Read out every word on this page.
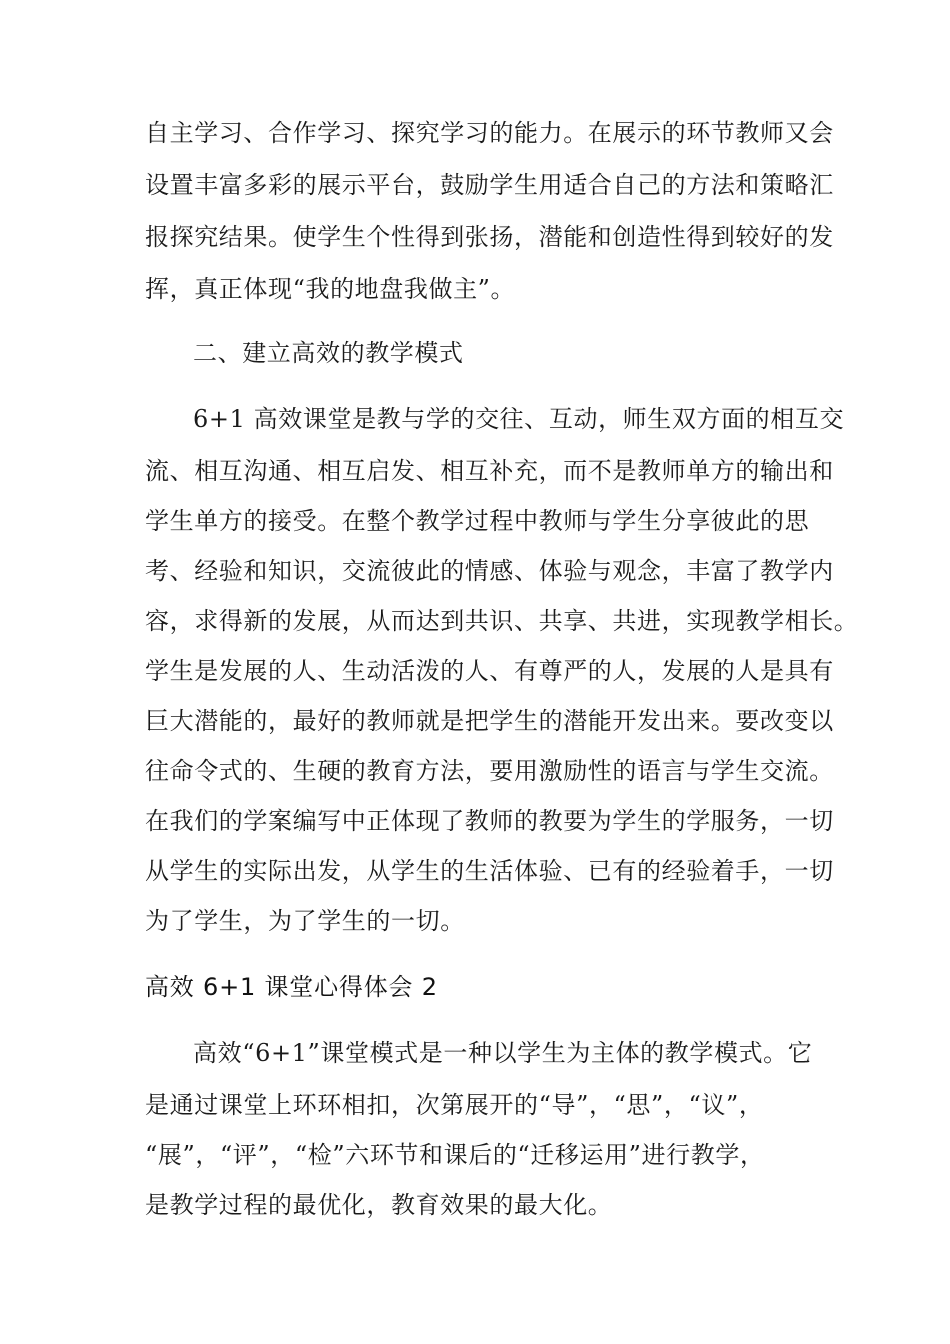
自主学习、合作学习、探究学习的能力。在展示的环节教师又会
设置丰富多彩的展示平台，鼓励学生用适合自己的方法和策略汇
报探究结果。使学生个性得到张扬，潜能和创造性得到较好的发
挥，真正体现“我的地盘我做主”。
二、建立高效的教学模式
6+1 高效课堂是教与学的交往、互动，师生双方面的相互交
流、相互沟通、相互启发、相互补充，而不是教师单方的输出和
学生单方的接受。在整个教学过程中教师与学生分享彼此的思
考、经验和知识，交流彼此的情感、体验与观念，丰富了教学内
容，求得新的发展，从而达到共识、共享、共进，实现教学相长。
学生是发展的人、生动活泼的人、有尊严的人，发展的人是具有
巨大潜能的，最好的教师就是把学生的潜能开发出来。要改变以
往命令式的、生硬的教育方法，要用激励性的语言与学生交流。
在我们的学案编写中正体现了教师的教要为学生的学服务，一切
从学生的实际出发，从学生的生活体验、已有的经验着手，一切
为了学生，为了学生的一切。
高效 6+1 课堂心得体会 2
高效“6+1”课堂模式是一种以学生为主体的教学模式。它
是通过课堂上环环相扣，次第展开的“导”，“思”，“议”，
“展”，“评”，“检”六环节和课后的“迁移运用”进行教学，
是教学过程的最优化，教育效果的最大化。
